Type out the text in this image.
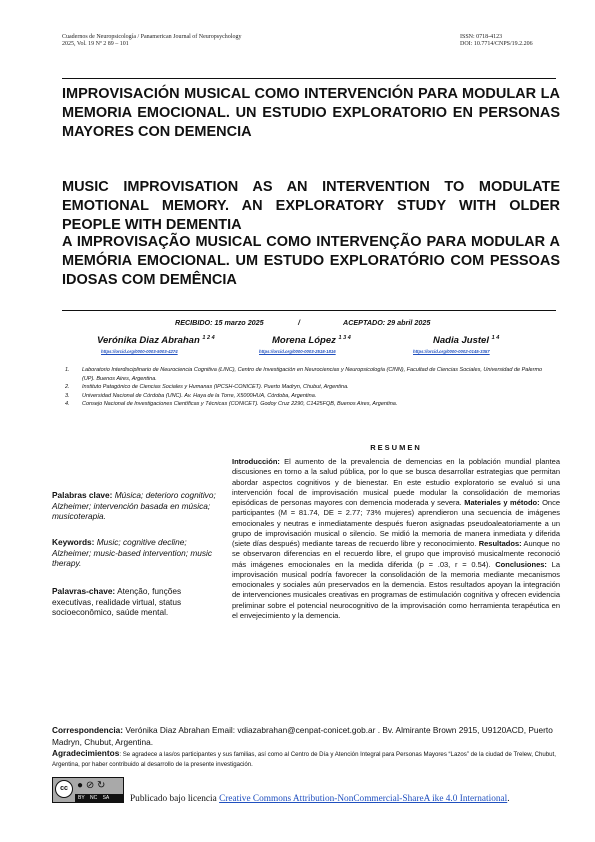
Cuadernos de Neuropsicología / Panamerican Journal of Neuropsychology
2025, Vol. 19 Nº 2 89 – 101
ISSN: 0718-4123
DOI: 10.7714/CNPS/19.2.206
IMPROVISACIÓN MUSICAL COMO INTERVENCIÓN PARA MODULAR LA MEMORIA EMOCIONAL. UN ESTUDIO EXPLORATORIO EN PERSONAS MAYORES CON DEMENCIA
MUSIC IMPROVISATION AS AN INTERVENTION TO MODULATE EMOTIONAL MEMORY. AN EXPLORATORY STUDY WITH OLDER PEOPLE WITH DEMENTIA
A IMPROVISAÇÃO MUSICAL COMO INTERVENÇÃO PARA MODULAR A MEMÓRIA EMOCIONAL. UM ESTUDO EXPLORATÓRIO COM PESSOAS IDOSAS COM DEMÊNCIA
RECIBIDO: 15 marzo 2025	/	ACEPTADO: 29 abril 2025
Verónika Diaz Abrahan $^{1 2 4}$
https://orcid.org/0000-0003-5003-4274
Morena López $^{1 3 4}$
https://orcid.org/0000-0003-2518-1816
Nadia Justel $^{1 4}$
https://orcid.org/0000-0002-0145-3357
1. Laboratorio Interdisciplinario de Neurociencia Cognitiva (LINC), Centro de Investigación en Neurociencias y Neuropsicología (CINN), Facultad de Ciencias Sociales, Universidad de Palermo (UP). Buenos Aires, Argentina.
2. Instituto Patagónico de Ciencias Sociales y Humanas (IPCSH-CONICET). Puerto Madryn, Chubut, Argentina.
3. Universidad Nacional de Córdoba (UNC). Av. Haya de la Torre, X5000HUA, Córdoba, Argentina.
4. Consejo Nacional de Investigaciones Científicas y Técnicas (CONICET). Godoy Cruz 2290, C1425FQB, Buenos Aires, Argentina.
RESUMEN
Introducción: El aumento de la prevalencia de demencias en la población mundial plantea discusiones en torno a la salud pública, por lo que se busca desarrollar estrategias que permitan abordar aspectos cognitivos y de bienestar. En este estudio exploratorio se evaluó si una intervención focal de improvisación musical puede modular la consolidación de memorias episódicas de personas mayores con demencia moderada y severa. Materiales y método: Once participantes (M = 81.74, DE = 2.77; 73% mujeres) aprendieron una secuencia de imágenes emocionales y neutras e inmediatamente después fueron asignadas pseudoaleatoriamente a un grupo de improvisación musical o silencio. Se midió la memoria de manera inmediata y diferida (siete días después) mediante tareas de recuerdo libre y reconocimiento. Resultados: Aunque no se observaron diferencias en el recuerdo libre, el grupo que improvisó musicalmente reconoció más imágenes emocionales en la medida diferida (p = .03, r = 0.54). Conclusiones: La improvisación musical podría favorecer la consolidación de la memoria mediante mecanismos emocionales y sociales aún preservados en la demencia. Estos resultados apoyan la integración de intervenciones musicales creativas en programas de estimulación cognitiva y ofrecen evidencia preliminar sobre el potencial neurocognitivo de la improvisación como herramienta terapéutica en el envejecimiento y la demencia.
Palabras clave: Música; deterioro cognitivo; Alzheimer; intervención basada en música; musicoterapia.
Keywords: Music; cognitive decline; Alzheimer; music-based intervention; music therapy.
Palavras-chave: Atenção, funções executivas, realidade virtual, status socioeconômico, saúde mental.
Correspondencia: Verónika Diaz Abrahan Email: vdiazabrahan@cenpat-conicet.gob.ar . Bv. Almirante Brown 2915, U9120ACD, Puerto Madryn, Chubut, Argentina.
Agradecimientos: Se agradece a las/os participantes y sus familias, así como al Centro de Día y Atención Integral para Personas Mayores “Lazos” de la ciudad de Trelew, Chubut, Argentina, por haber contribuido al desarrollo de la presente investigación.
cc ● ⊘ ↻
BY NC SA	Publicado bajo licencia Creative Commons Attribution-NonCommercial-ShareA ike 4.0 International.
